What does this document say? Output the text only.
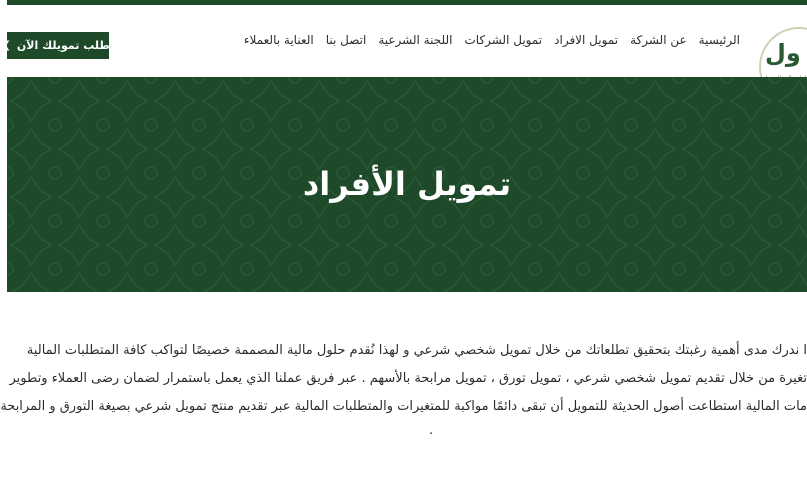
ول
الرئيسية
عن الشركة
تمويل الافراد
تمويل الشركات
اللجنة الشرعية
اتصل بنا
العناية بالعملاء
اطلب تمويلك الآن
❯
تمويل الأفراد
ا ندرك مدى أهمية رغبتك بتحقيق تطلعاتك من خلال تمويل شخصي شرعي و لهذا نُقدم حلول مالية المصممة خصيصًا لتواكب كافة المتطلبات المالية
تغيرة من خلال تقديم تمويل شخصي شرعي ، تمويل تورق ، تمويل مرابحة بالأسهم . عبر فريق عملنا الذي يعمل باستمرار لضمان رضى العملاء وتطوير
مات المالية استطاعت أصول الحديثة للتمويل أن تبقى دائمًا مواكبة للمتغيرات والمتطلبات المالية عبر تقديم منتج تمويل شرعي بصيغة التورق و المرابحة
.
